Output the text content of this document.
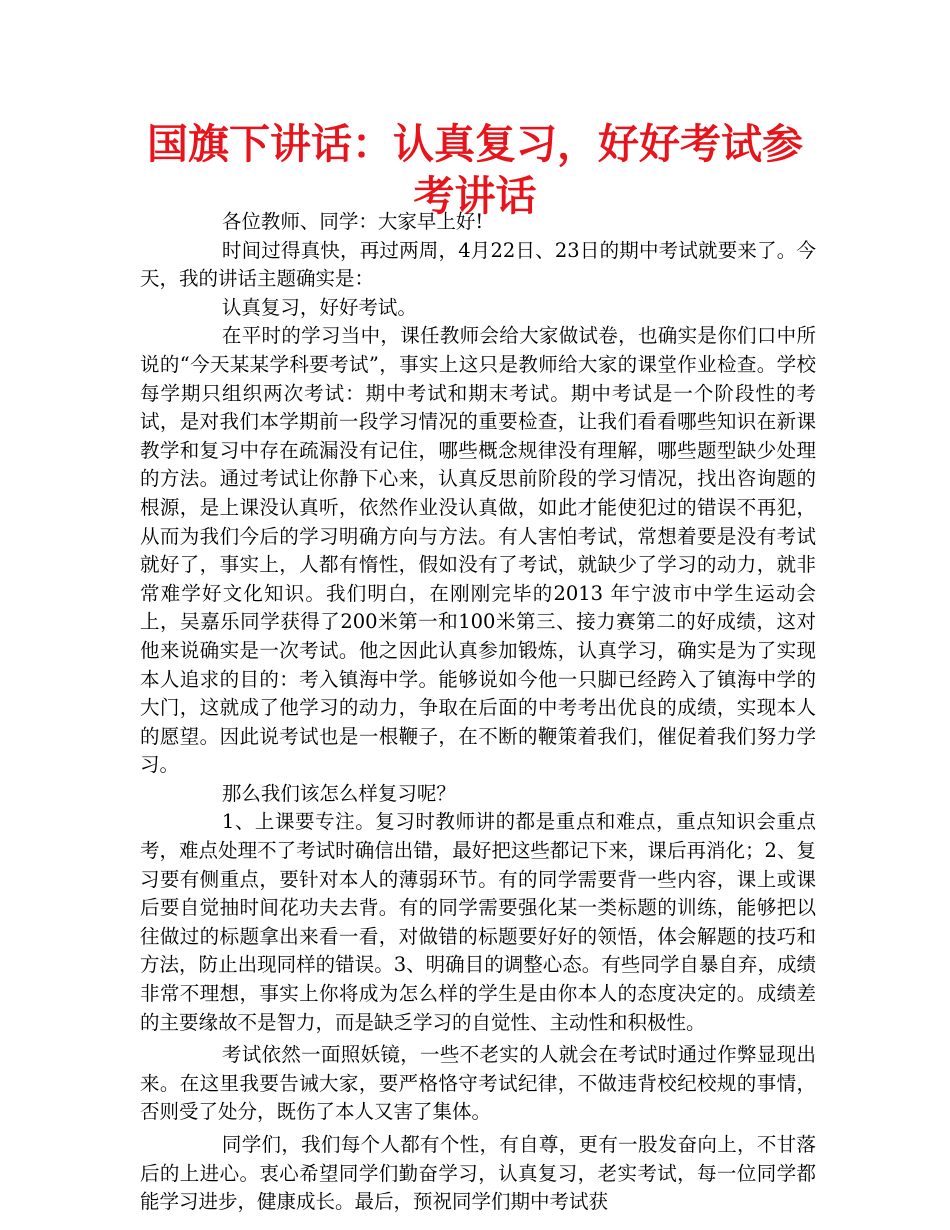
国旗下讲话：认真复习，好好考试参考讲话

各位教师、同学：大家早上好!

时间过得真快，再过两周，4月22日、23日的期中考试就要来了。今天，我的讲话主题确实是：

认真复习，好好考试。

在平时的学习当中，课任教师会给大家做试卷，也确实是你们口中所说的“今天某某学科要考试”，事实上这只是教师给大家的课堂作业检查。学校每学期只组织两次考试：期中考试和期末考试。期中考试是一个阶段性的考试，是对我们本学期前一段学习情况的重要检查，让我们看看哪些知识在新课教学和复习中存在疏漏没有记住，哪些概念规律没有理解，哪些题型缺少处理的方法。通过考试让你静下心来，认真反思前阶段的学习情况，找出咨询题的根源，是上课没认真听，依然作业没认真做，如此才能使犯过的错误不再犯，从而为我们今后的学习明确方向与方法。有人害怕考试，常想着要是没有考试就好了，事实上，人都有惰性，假如没有了考试，就缺少了学习的动力，就非常难学好文化知识。我们明白，在刚刚完毕的2013 年宁波市中学生运动会上，吴嘉乐同学获得了200米第一和100米第三、接力赛第二的好成绩，这对他来说确实是一次考试。他之因此认真参加锻炼，认真学习，确实是为了实现本人追求的目的：考入镇海中学。能够说如今他一只脚已经跨入了镇海中学的大门，这就成了他学习的动力，争取在后面的中考考出优良的成绩，实现本人的愿望。因此说考试也是一根鞭子，在不断的鞭策着我们，催促着我们努力学习。

那么我们该怎么样复习呢？

1、上课要专注。复习时教师讲的都是重点和难点，重点知识会重点考，难点处理不了考试时确信出错，最好把这些都记下来，课后再消化；2、复习要有侧重点，要针对本人的薄弱环节。有的同学需要背一些内容，课上或课后要自觉抽时间花功夫去背。有的同学需要强化某一类标题的训练，能够把以往做过的标题拿出来看一看，对做错的标题要好好的领悟，体会解题的技巧和方法，防止出现同样的错误。3、明确目的调整心态。有些同学自暴自弃，成绩非常不理想，事实上你将成为怎么样的学生是由你本人的态度决定的。成绩差的主要缘故不是智力，而是缺乏学习的自觉性、主动性和积极性。

考试依然一面照妖镜，一些不老实的人就会在考试时通过作弊显现出来。在这里我要告诫大家，要严格恪守考试纪律，不做违背校纪校规的事情，否则受了处分，既伤了本人又害了集体。

同学们，我们每个人都有个性，有自尊，更有一股发奋向上，不甘落后的上进心。衷心希望同学们勤奋学习，认真复习，老实考试，每一位同学都能学习进步，健康成长。最后，预祝同学们期中考试获
